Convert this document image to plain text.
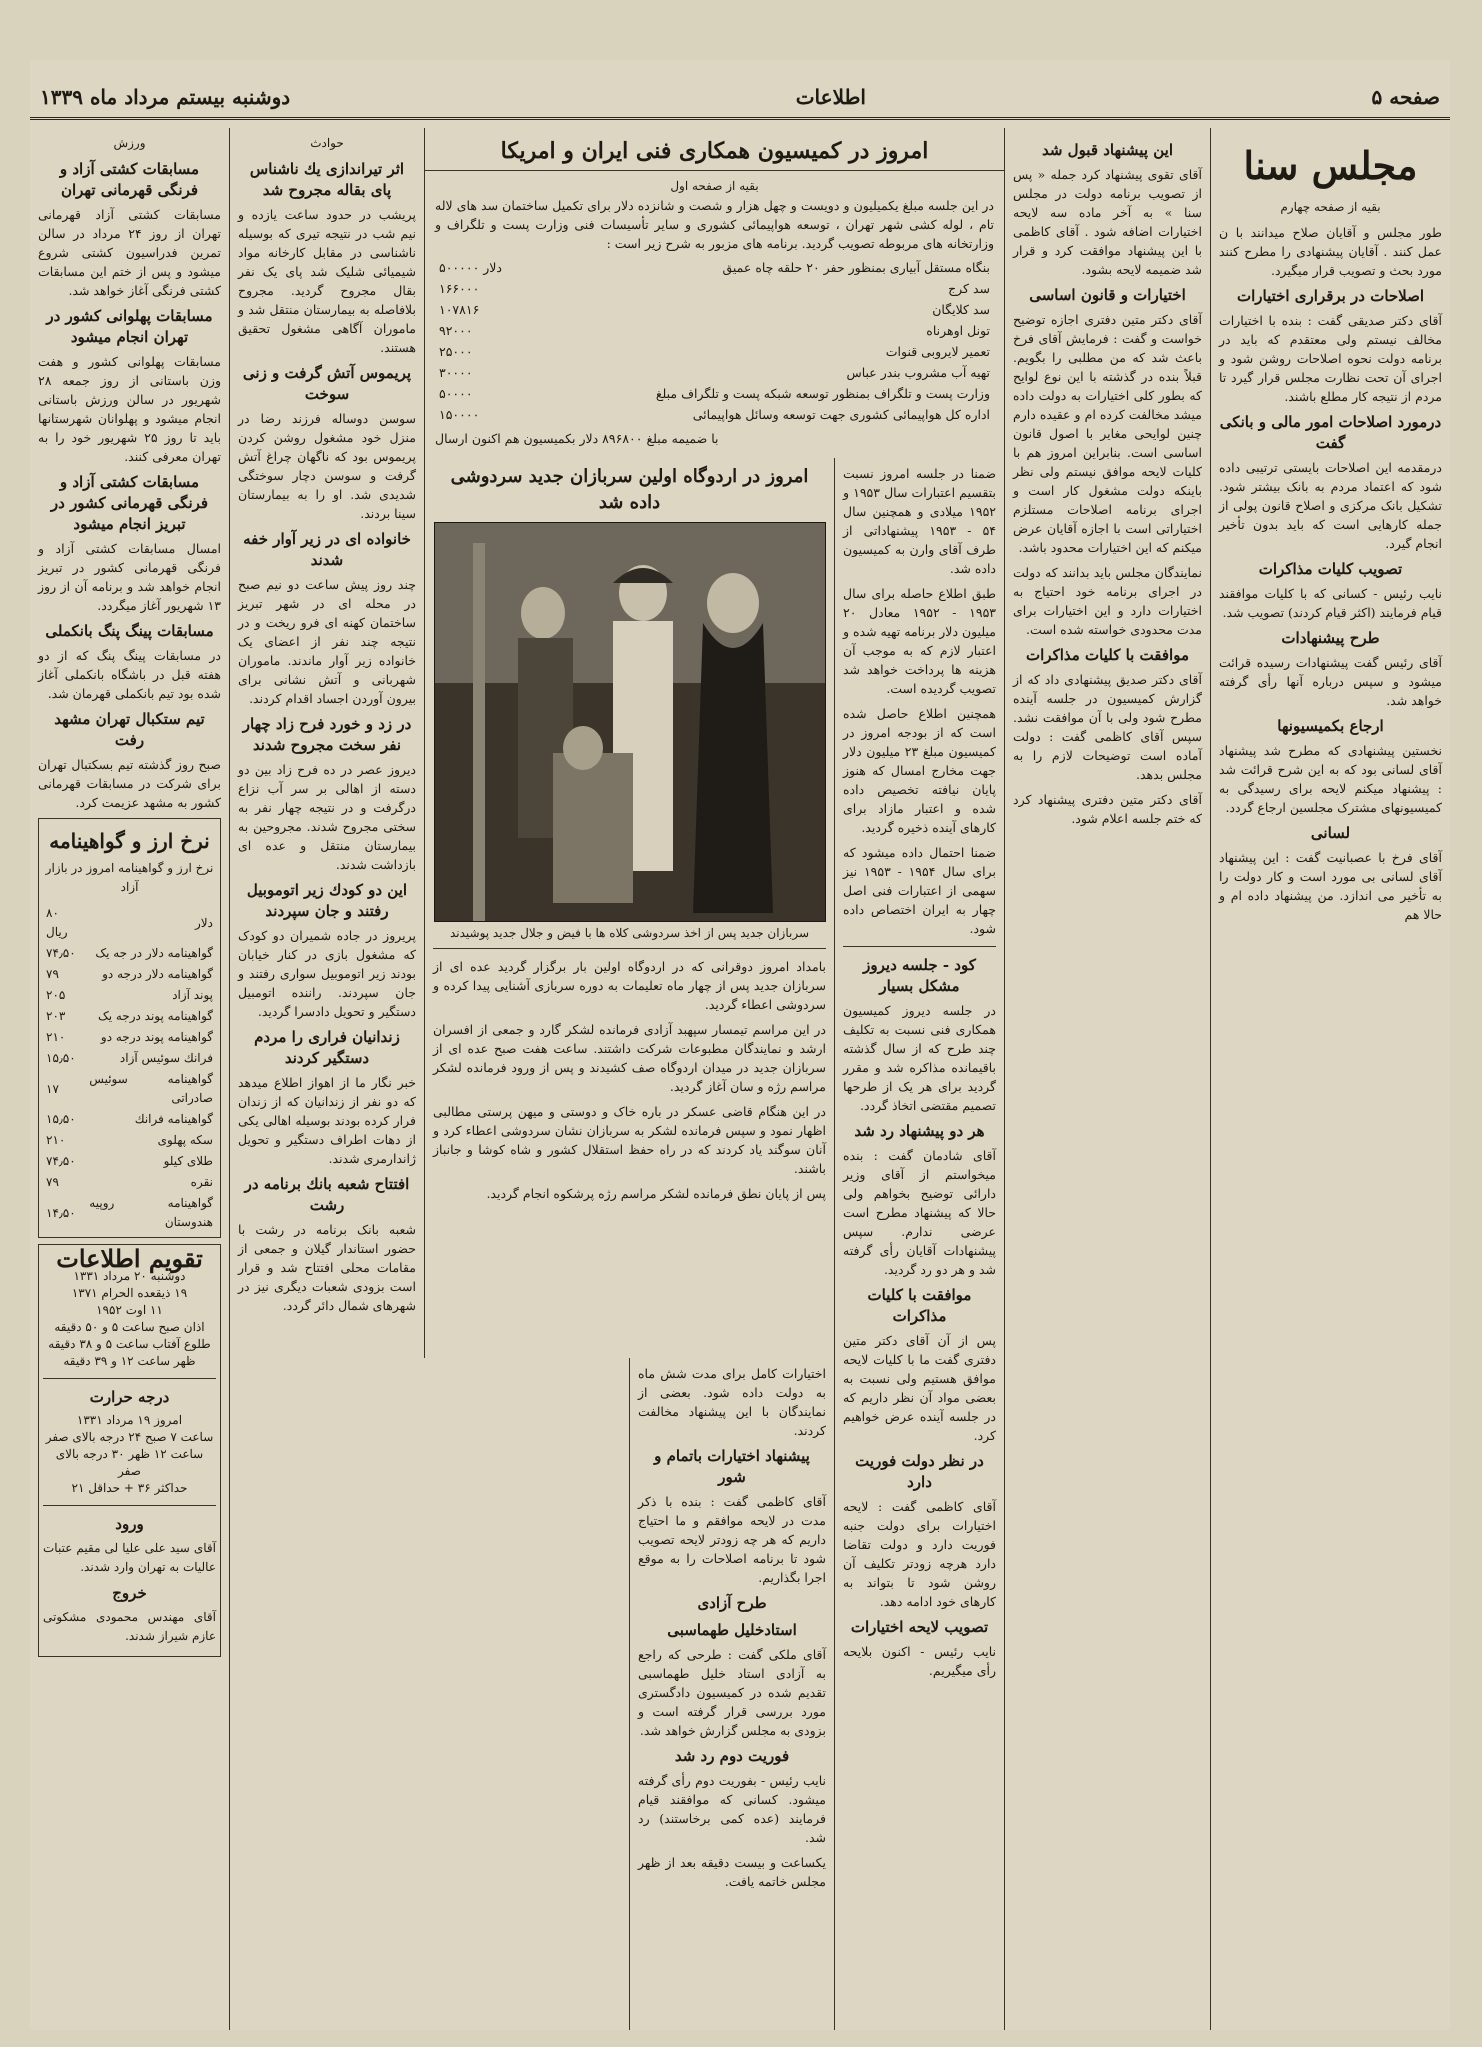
صفحه ۵
اطلاعات
دوشنبه بیستم مرداد ماه ۱۳۳۹
مجلس سنا

بقیه از صفحه چهارم

طور مجلس و آقایان صلاح میدانند با ن عمل کنند . آقایان پیشنهادی را مطرح کنند مورد بحث و تصویب قرار میگیرد.

اصلاحات در برقراری اختیارات

آقای دکتر صدیقی گفت : بنده با اختیارات مخالف نیستم ولی معتقدم که باید در برنامه دولت نحوه اصلاحات روشن شود و اجرای آن تحت نظارت مجلس قرار گیرد تا مردم از نتیجه کار مطلع باشند.

درمورد اصلاحات امور مالی و بانکی گفت

درمقدمه این اصلاحات بایستی ترتیبی داده شود که اعتماد مردم به بانک بیشتر شود. تشکیل بانک مرکزی و اصلاح قانون پولی از جمله کارهایی است که باید بدون تأخیر انجام گیرد.

تصویب کلیات مذاکرات

نایب رئیس - کسانی که با کلیات موافقند قیام فرمایند (اکثر قیام کردند) تصویب شد.

طرح پیشنهادات

آقای رئیس گفت پیشنهادات رسیده قرائت میشود و سپس درباره آنها رأی گرفته خواهد شد.

ارجاع بکمیسیونها

نخستین پیشنهادی که مطرح شد پیشنهاد آقای لسانی بود که به این شرح قرائت شد : پیشنهاد میکنم لایحه برای رسیدگی به کمیسیونهای مشترک مجلسین ارجاع گردد.

لسانی

آقای فرخ با عصبانیت گفت : این پیشنهاد آقای لسانی بی مورد است و کار دولت را به تأخیر می اندازد. من پیشنهاد داده ام و حالا هم

این پیشنهاد قبول شد

آقای تقوی پیشنهاد کرد جمله « پس از تصویب برنامه دولت در مجلس سنا » به آخر ماده سه لایحه اختیارات اضافه شود . آقای کاظمی با این پیشنهاد موافقت کرد و قرار شد ضمیمه لایحه بشود.

اختیارات و قانون اساسی

آقای دکتر متین دفتری اجازه توضیح خواست و گفت : فرمایش آقای فرخ باعث شد که من مطلبی را بگویم. قبلاً بنده در گذشته با این نوع لوایح که بطور کلی اختیارات به دولت داده میشد مخالفت کرده ام و عقیده دارم چنین لوایحی مغایر با اصول قانون اساسی است. بنابراین امروز هم با کلیات لایحه موافق نیستم ولی نظر باینکه دولت مشغول کار است و اجرای برنامه اصلاحات مستلزم اختیاراتی است با اجازه آقایان عرض میکنم که این اختیارات محدود باشد.

نمایندگان مجلس باید بدانند که دولت در اجرای برنامه خود احتیاج به اختیارات دارد و این اختیارات برای مدت محدودی خواسته شده است.

موافقت با کلیات مذاکرات

آقای دکتر صدیق پیشنهادی داد که از گزارش کمیسیون در جلسه آینده مطرح شود ولی با آن موافقت نشد. سپس آقای کاظمی گفت : دولت آماده است توضیحات لازم را به مجلس بدهد.

آقای دکتر متین دفتری پیشنهاد کرد که ختم جلسه اعلام شود.

امروز در کمیسیون همکاری فنی ایران و امریکا

بقیه از صفحه اول

در این جلسه مبلغ یکمیلیون و دویست و چهل هزار و شصت و شانزده دلار برای تکمیل ساختمان سد های لاله تام ، لوله کشی شهر تهران ، توسعه هواپیمائی کشوری و سایر تأسیسات فنی وزارت پست و تلگراف و وزارتخانه های مربوطه تصویب گردید. برنامه های مزبور به شرح زیر است :

بنگاه مستقل آبیاری بمنظور حفر ۲۰ حلقه چاه عمیق	۵۰۰۰۰۰ دلار
سد کرج	۱۶۶۰۰۰
سد کلایگان	۱۰۷۸۱۶
تونل اوهرناه	۹۲۰۰۰
تعمیر لایروبی قنوات	۲۵۰۰۰
تهیه آب مشروب بندر عباس	۳۰۰۰۰
وزارت پست و تلگراف بمنظور توسعه شبکه پست و تلگراف مبلغ	۵۰۰۰۰
اداره کل هواپیمائی کشوری جهت توسعه وسائل هواپیمائی	۱۵۰۰۰۰

با ضمیمه مبلغ ۸۹۶۸۰۰ دلار بکمیسیون هم اکنون ارسال

ضمنا در جلسه امروز نسبت بتقسیم اعتبارات سال ۱۹۵۳ و ۱۹۵۲ میلادی و همچنین سال ۵۴ - ۱۹۵۳ پیشنهاداتی از طرف آقای وارن به کمیسیون داده شد.

طبق اطلاع حاصله برای سال ۱۹۵۳ - ۱۹۵۲ معادل ۲۰ میلیون دلار برنامه تهیه شده و اعتبار لازم که به موجب آن هزینه ها پرداخت خواهد شد تصویب گردیده است.

همچنین اطلاع حاصل شده است که از بودجه امروز در کمیسیون مبلغ ۲۳ میلیون دلار جهت مخارج امسال که هنوز پایان نیافته تخصیص داده شده و اعتبار مازاد برای کارهای آینده ذخیره گردید.

ضمنا احتمال داده میشود که برای سال ۱۹۵۴ - ۱۹۵۳ نیز سهمی از اعتبارات فنی اصل چهار به ایران اختصاص داده شود.

کود - جلسه دیروز مشکل بسیار

در جلسه دیروز کمیسیون همکاری فنی نسبت به تکلیف چند طرح که از سال گذشته باقیمانده مذاکره شد و مقرر گردید برای هر یک از طرحها تصمیم مقتضی اتخاذ گردد.

هر دو پیشنهاد رد شد

آقای شادمان گفت : بنده میخواستم از آقای وزیر دارائی توضیح بخواهم ولی حالا که پیشنهاد مطرح است عرضی ندارم. سپس پیشنهادات آقایان رأی گرفته شد و هر دو رد گردید.

موافقت با کلیات مذاکرات

پس از آن آقای دکتر متین دفتری گفت ما با کلیات لایحه موافق هستیم ولی نسبت به بعضی مواد آن نظر داریم که در جلسه آینده عرض خواهیم کرد.

در نظر دولت فوریت دارد

آقای کاظمی گفت : لایحه اختیارات برای دولت جنبه فوریت دارد و دولت تقاضا دارد هرچه زودتر تکلیف آن روشن شود تا بتواند به کارهای خود ادامه دهد.

تصویب لایحه اختیارات

نایب رئیس - اکنون بلایحه رأی میگیریم.

امروز در اردوگاه اولین سربازان جدید سردوشی داده شد

سربازان جدید پس از اخذ سردوشی کلاه ها با فیض و جلال جدید پوشیدند

بامداد امروز دوقرانی که در اردوگاه اولین بار برگزار گردید عده ای از سربازان جدید پس از چهار ماه تعلیمات به دوره سربازی آشنایی پیدا کرده و سردوشی اعطاء گردید.

در این مراسم تیمسار سپهبد آزادی فرمانده لشکر گارد و جمعی از افسران ارشد و نمایندگان مطبوعات شرکت داشتند. ساعت هفت صبح عده ای از سربازان جدید در میدان اردوگاه صف کشیدند و پس از ورود فرمانده لشکر مراسم رژه و سان آغاز گردید.

در این هنگام قاضی عسکر در باره خاک و دوستی و میهن پرستی مطالبی اظهار نمود و سپس فرمانده لشکر به سربازان نشان سردوشی اعطاء کرد و آنان سوگند یاد کردند که در راه حفظ استقلال کشور و شاه کوشا و جانباز باشند.

پس از پایان نطق فرمانده لشکر مراسم رژه پرشکوه انجام گردید.

اختیارات کامل برای مدت شش ماه به دولت داده شود. بعضی از نمایندگان با این پیشنهاد مخالفت کردند.

پیشنهاد اختیارات باتمام و شور

آقای کاظمی گفت : بنده با ذکر مدت در لایحه موافقم و ما احتیاج داریم که هر چه زودتر لایحه تصویب شود تا برنامه اصلاحات را به موقع اجرا بگذاریم.

طرح آزادی
استادخلیل طهماسبی

آقای ملکی گفت : طرحی که راجع به آزادی استاد خلیل طهماسبی تقدیم شده در کمیسیون دادگستری مورد بررسی قرار گرفته است و بزودی به مجلس گزارش خواهد شد.

فوریت دوم رد شد

نایب رئیس - بفوریت دوم رأی گرفته میشود. کسانی که موافقند قیام فرمایند (عده کمی برخاستند) رد شد.

یکساعت و بیست دقیقه بعد از ظهر مجلس خاتمه یافت.

حوادث

اثر تیراندازی یك ناشناس پای بقاله مجروح شد

پریشب در حدود ساعت یازده و نیم شب در نتیجه تیری که بوسیله ناشناسی در مقابل کارخانه مواد شیمیائی شلیک شد پای یک نفر بقال مجروح گردید. مجروح بلافاصله به بیمارستان منتقل شد و ماموران آگاهی مشغول تحقیق هستند.

پریموس آتش گرفت و زنی سوخت

سوسن دوساله فرزند رضا در منزل خود مشغول روشن کردن پریموس بود که ناگهان چراغ آتش گرفت و سوسن دچار سوختگی شدیدی شد. او را به بیمارستان سینا بردند.

خانواده ای در زیر آوار خفه شدند

چند روز پیش ساعت دو نیم صبح در محله ای در شهر تبریز ساختمان کهنه ای فرو ریخت و در نتیجه چند نفر از اعضای یک خانواده زیر آوار ماندند. ماموران شهربانی و آتش نشانی برای بیرون آوردن اجساد اقدام کردند.

در زد و خورد فرح زاد چهار نفر سخت مجروح شدند

دیروز عصر در ده فرح زاد بین دو دسته از اهالی بر سر آب نزاع درگرفت و در نتیجه چهار نفر به سختی مجروح شدند. مجروحین به بیمارستان منتقل و عده ای بازداشت شدند.

این دو کودك زیر اتوموبیل رفتند و جان سپردند

پریروز در جاده شمیران دو کودک که مشغول بازی در کنار خیابان بودند زیر اتوموبیل سواری رفتند و جان سپردند. راننده اتومبیل دستگیر و تحویل دادسرا گردید.

زندانیان فراری را مردم دستگیر کردند

خبر نگار ما از اهواز اطلاع میدهد که دو نفر از زندانیان که از زندان فرار کرده بودند بوسیله اهالی یکی از دهات اطراف دستگیر و تحویل ژاندارمری شدند.

افتتاح شعبه بانك برنامه در رشت

شعبه بانک برنامه در رشت با حضور استاندار گیلان و جمعی از مقامات محلی افتتاح شد و قرار است بزودی شعبات دیگری نیز در شهرهای شمال دائر گردد.

ورزش

مسابقات کشتی آزاد و فرنگی قهرمانی تهران

مسابقات کشتی آزاد قهرمانی تهران از روز ۲۴ مرداد در سالن تمرین فدراسیون کشتی شروع میشود و پس از ختم این مسابقات کشتی فرنگی آغاز خواهد شد.

مسابقات پهلوانی کشور در تهران انجام میشود

مسابقات پهلوانی کشور و هفت وزن باستانی از روز جمعه ۲۸ شهریور در سالن ورزش باستانی انجام میشود و پهلوانان شهرستانها باید تا روز ۲۵ شهریور خود را به تهران معرفی کنند.

مسابقات کشتی آزاد و فرنگی قهرمانی کشور در تبریز انجام میشود

امسال مسابقات کشتی آزاد و فرنگی قهرمانی کشور در تبریز انجام خواهد شد و برنامه آن از روز ۱۳ شهریور آغاز میگردد.

مسابقات پینگ پنگ بانکملی

در مسابقات پینگ پنگ که از دو هفته قبل در باشگاه بانکملی آغاز شده بود تیم بانکملی قهرمان شد.

تیم ستکبال تهران مشهد رفت

صبح روز گذشته تیم بسکتبال تهران برای شرکت در مسابقات قهرمانی کشور به مشهد عزیمت کرد.

نرخ ارز و گواهینامه

نرخ ارز و گواهینامه امروز در بازار آزاد

دلار	۸۰ ریال
گواهینامه دلار در جه یک	۷۴٫۵۰
گواهینامه دلار درجه دو	۷۹
پوند آزاد	۲۰۵
گواهینامه پوند درجه یک	۲۰۳
گواهینامه پوند درجه دو	۲۱۰
فرانك سوئیس آزاد	۱۵٫۵۰
گواهینامه سوئیس صادراتی	۱۷
گواهینامه فرانك	۱۵٫۵۰
سکه پهلوی	۲۱۰
طلای کیلو	۷۴٫۵۰
نقره	۷۹
گواهینامه روپیه هندوستان	۱۴٫۵۰
تقویم اطلاعات
دوشنبه ۲۰ مرداد ۱۳۳۱
۱۹ ذیقعده الحرام ۱۳۷۱
۱۱ اوت ۱۹۵۲
اذان صبح ساعت ۵ و ۵۰ دقیقه
طلوع آفتاب ساعت ۵ و ۳۸ دقیقه
ظهر ساعت ۱۲ و ۳۹ دقیقه
درجه حرارت
امروز ۱۹ مرداد ۱۳۳۱
ساعت ۷ صبح ۲۴ درجه بالای صفر
ساعت ۱۲ ظهر ۳۰ درجه بالای صفر
حداکثر ۳۶ + حداقل ۲۱
ورود

آقای سید علی علیا لی مقیم عتبات عالیات به تهران وارد شدند.

خروج

آقای مهندس محمودی مشکوتی عازم شیراز شدند.
